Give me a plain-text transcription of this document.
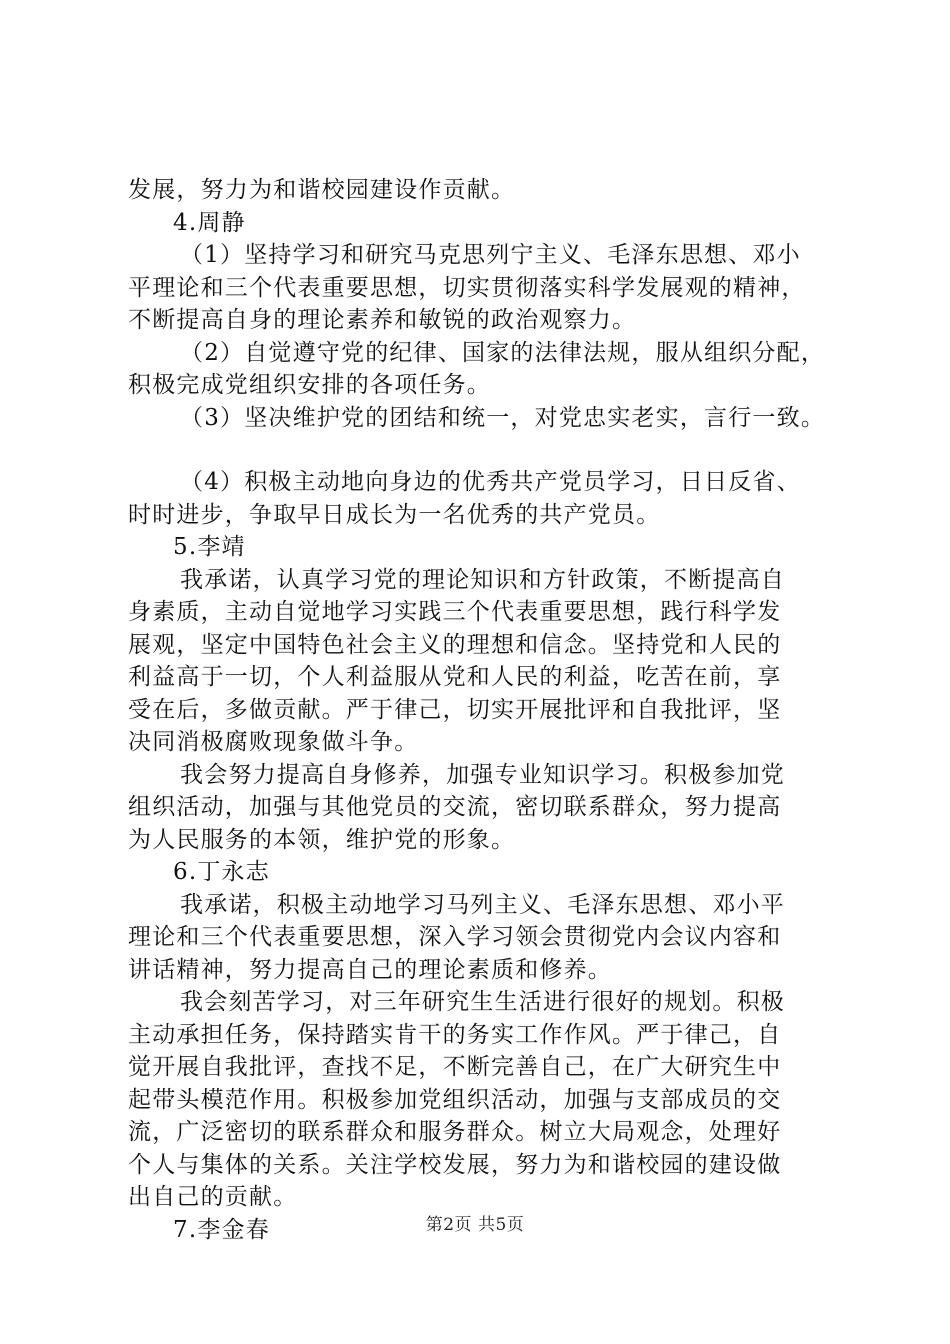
发展，努力为和谐校园建设作贡献。
4.周静
（1）坚持学习和研究马克思列宁主义、毛泽东思想、邓小
平理论和三个代表重要思想，切实贯彻落实科学发展观的精神，
不断提高自身的理论素养和敏锐的政治观察力。
（2）自觉遵守党的纪律、国家的法律法规，服从组织分配，
积极完成党组织安排的各项任务。
（3）坚决维护党的团结和统一，对党忠实老实，言行一致。
（4）积极主动地向身边的优秀共产党员学习，日日反省、
时时进步，争取早日成长为一名优秀的共产党员。
5.李靖
我承诺，认真学习党的理论知识和方针政策，不断提高自
身素质，主动自觉地学习实践三个代表重要思想，践行科学发
展观，坚定中国特色社会主义的理想和信念。坚持党和人民的
利益高于一切，个人利益服从党和人民的利益，吃苦在前，享
受在后，多做贡献。严于律己，切实开展批评和自我批评，坚
决同消极腐败现象做斗争。
我会努力提高自身修养，加强专业知识学习。积极参加党
组织活动，加强与其他党员的交流，密切联系群众，努力提高
为人民服务的本领，维护党的形象。
6.丁永志
我承诺，积极主动地学习马列主义、毛泽东思想、邓小平
理论和三个代表重要思想，深入学习领会贯彻党内会议内容和
讲话精神，努力提高自己的理论素质和修养。
我会刻苦学习，对三年研究生生活进行很好的规划。积极
主动承担任务，保持踏实肯干的务实工作作风。严于律己，自
觉开展自我批评，查找不足，不断完善自己，在广大研究生中
起带头模范作用。积极参加党组织活动，加强与支部成员的交
流，广泛密切的联系群众和服务群众。树立大局观念，处理好
个人与集体的关系。关注学校发展，努力为和谐校园的建设做
出自己的贡献。
7.李金春	第2页 共5页
